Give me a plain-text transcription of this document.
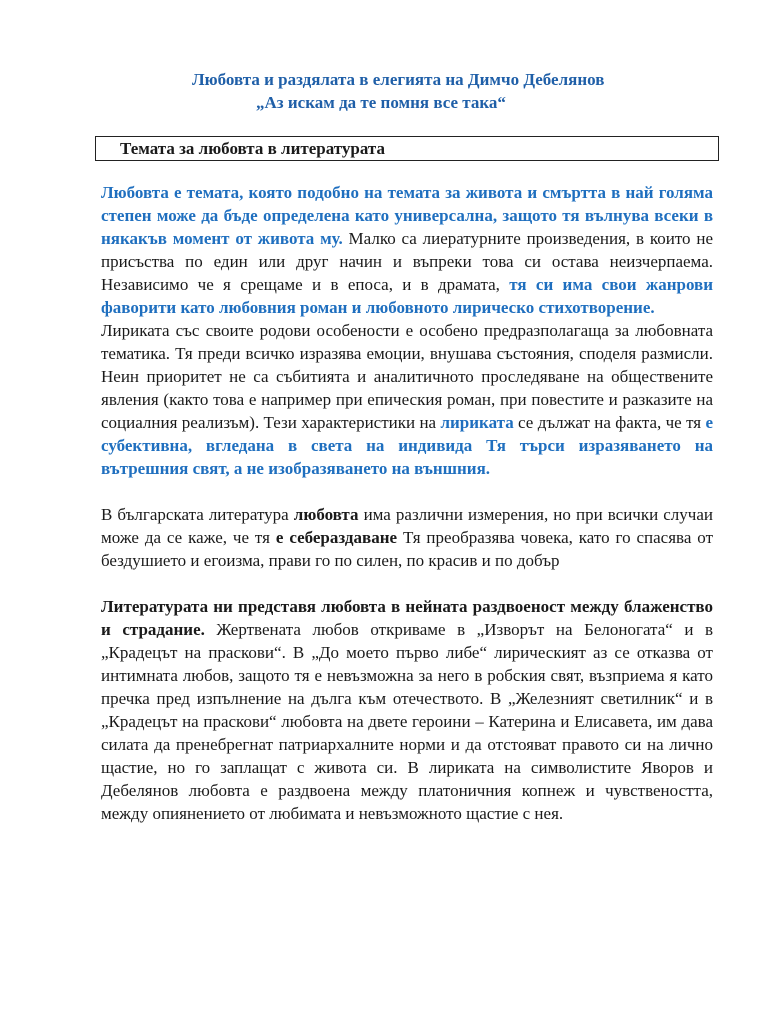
Любовта и раздялата в елегията на Димчо Дебелянов
„Аз искам да те помня все така“
Темата за любовта в литературата

Любовта е темата, която подобно на темата за живота и смъртта в най голяма степен може да бъде определена като универсална, защото тя вълнува всеки в някакъв момент от живота му. Малко са лиературните произведения, в които не присъства по един или друг начин и въпреки това си остава неизчерпаема. Независимо че я срещаме и в епоса, и в драмата, тя си има свои жанрови фаворити като любовния роман и любовното лирическо стихотворение.

Лириката със своите родови особености е особено предразполагаща за любовната тематика. Тя преди всичко изразява емоции, внушава състояния, споделя размисли. Неин приоритет не са събитията и аналитичното проследяване на обществените явления (както това е например при епическия роман, при повестите и разказите на социалния реализъм). Тези характеристики на лириката се дължат на факта, че тя е субективна, вгледана в света на индивида Тя търси изразяването на вътрешния свят, а не изобразяването на външния.

В българската литература любовта има различни измерения, но при всички случаи може да се каже, че тя е себераздаване Тя преобразява човека, като го спасява от бездушието и егоизма, прави го по силен, по красив и по добър

Литературата ни представя любовта в нейната раздвоеност между блаженство и страдание. Жертвената любов откриваме в „Изворът на Белоногата“ и в „Крадецът на праскови“. В „До моето първо либе“ лирическият аз се отказва от интимната любов, защото тя е невъзможна за него в робския свят, възприема я като пречка пред изпълнение на дълга към отечеството. В „Железният светилник“ и в „Крадецът на праскови“ любовта на двете героини – Катерина и Елисавета, им дава силата да пренебрегнат патриархалните норми и да отстояват правото си на лично щастие, но го заплащат с живота си. В лириката на символистите Яворов и Дебелянов любовта е раздвоена между платоничния копнеж и чувствеността, между опиянението от любимата и невъзможното щастие с нея.
